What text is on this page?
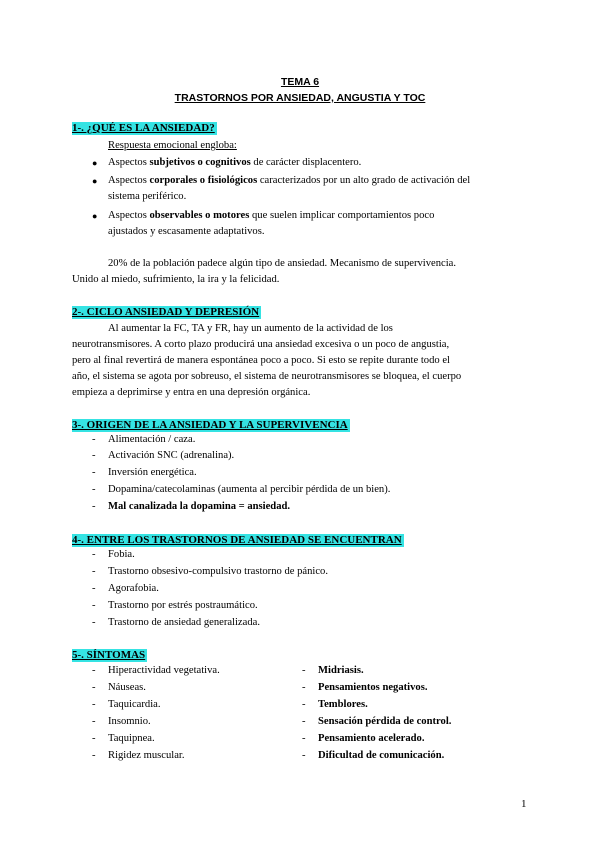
TEMA 6
TRASTORNOS POR ANSIEDAD, ANGUSTIA Y TOC
1-. ¿QUÉ ES LA ANSIEDAD?
Respuesta emocional engloba:
● Aspectos subjetivos o cognitivos de carácter displacentero.
● Aspectos corporales o fisiológicos caracterizados por un alto grado de activación del
sistema periférico.
● Aspectos observables o motores que suelen implicar comportamientos poco
ajustados y escasamente adaptativos.
20% de la población padece algún tipo de ansiedad. Mecanismo de supervivencia.
Unido al miedo, sufrimiento, la ira y la felicidad.
2-. CICLO ANSIEDAD Y DEPRESIÓN
Al aumentar la FC, TA y FR, hay un aumento de la actividad de los
neurotransmisores. A corto plazo producirá una ansiedad excesiva o un poco de angustia,
pero al final revertirá de manera espontánea poco a poco. Si esto se repite durante todo el
año, el sistema se agota por sobreuso, el sistema de neurotransmisores se bloquea, el cuerpo
empieza a deprimirse y entra en una depresión orgánica.
3-. ORIGEN DE LA ANSIEDAD Y LA SUPERVIVENCIA
- Alimentación / caza.
- Activación SNC (adrenalina).
- Inversión energética.
- Dopamina/catecolaminas (aumenta al percibir pérdida de un bien).
- Mal canalizada la dopamina = ansiedad.
4-. ENTRE LOS TRASTORNOS DE ANSIEDAD SE ENCUENTRAN
- Fobia.
- Trastorno obsesivo-compulsivo trastorno de pánico.
- Agorafobia.
- Trastorno por estrés postraumático.
- Trastorno de ansiedad generalizada.
5-. SÍNTOMAS
- Hiperactividad vegetativa.
- Náuseas.
- Taquicardia.
- Insomnio.
- Taquipnea.
- Rigidez muscular.
- Midriasis.
- Pensamientos negativos.
- Temblores.
- Sensación pérdida de control.
- Pensamiento acelerado.
- Dificultad de comunicación.
1
